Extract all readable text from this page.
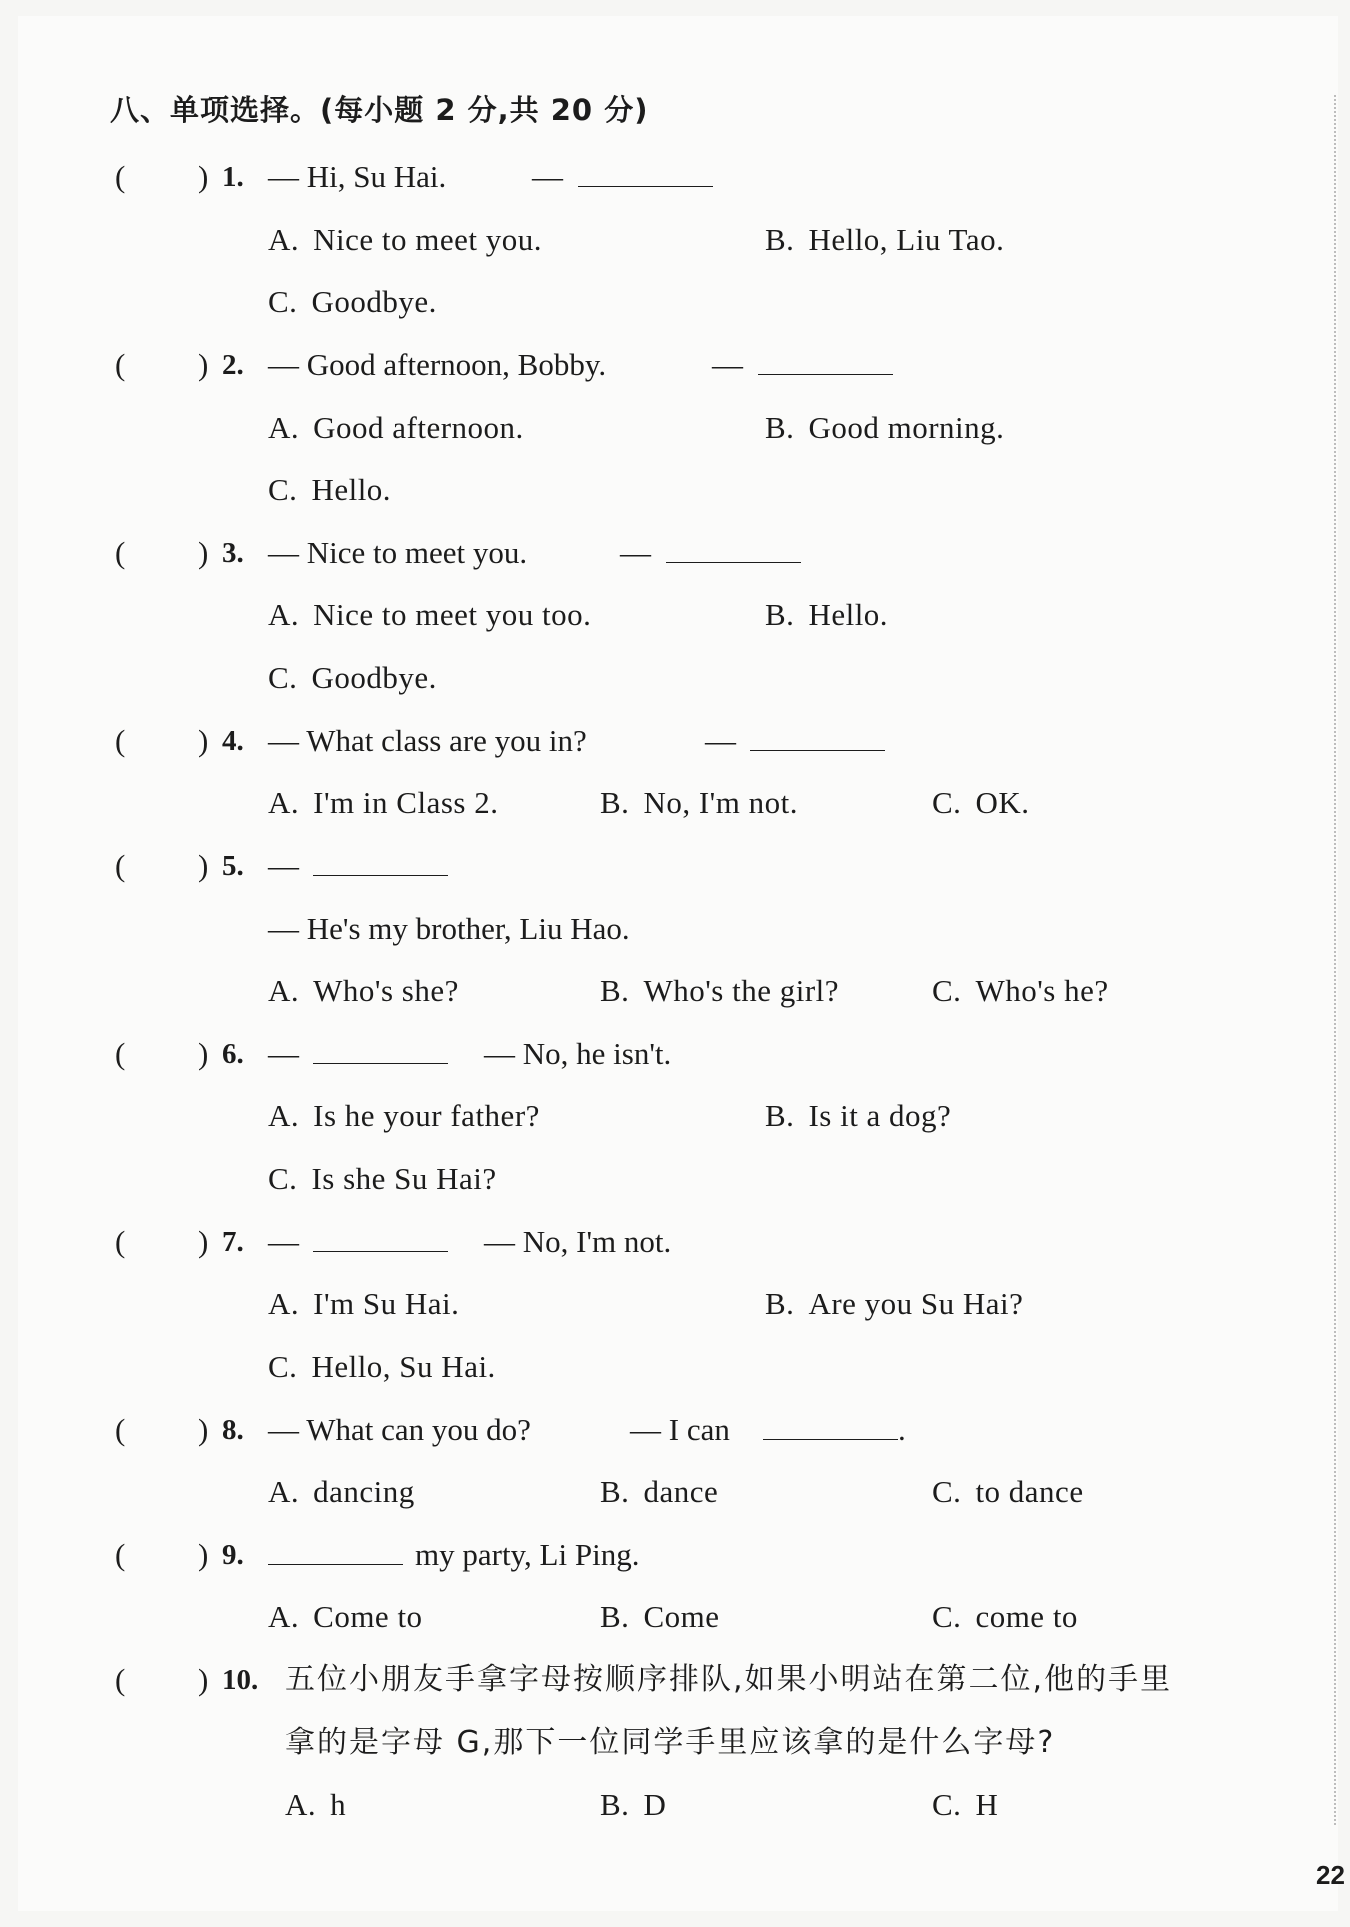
八、单项选择。(每小题 2 分,共 20 分)
( ) 1. — Hi, Su Hai.	—
A. Nice to meet you.	B. Hello, Liu Tao.
C. Goodbye.
( ) 2. — Good afternoon, Bobby.	—
A. Good afternoon.	B. Good morning.
C. Hello.
( ) 3. — Nice to meet you.	—
A. Nice to meet you too.	B. Hello.
C. Goodbye.
( ) 4. — What class are you in?	—
A. I'm in Class 2.	B. No, I'm not.	C. OK.
( ) 5. —
— He's my brother, Liu Hao.
A. Who's she?	B. Who's the girl?	C. Who's he?
( ) 6. —	— No, he isn't.
A. Is he your father?	B. Is it a dog?
C. Is she Su Hai?
( ) 7. —	— No, I'm not.
A. I'm Su Hai.	B. Are you Su Hai?
C. Hello, Su Hai.
( ) 8. — What can you do?	— I can	.
A. dancing	B. dance	C. to dance
( ) 9.	my party, Li Ping.
A. Come to	B. Come	C. come to
( ) 10. 五位小朋友手拿字母按顺序排队,如果小明站在第二位,他的手里
拿的是字母 G,那下一位同学手里应该拿的是什么字母?
A. h	B. D	C. H
22
